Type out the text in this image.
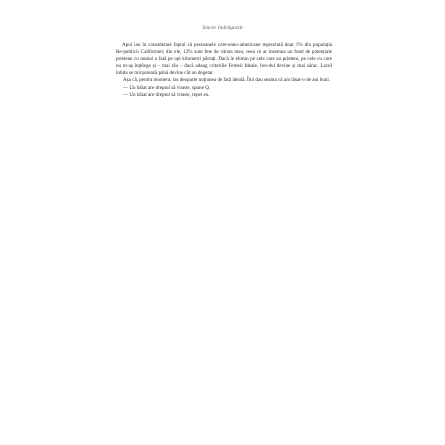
Sincer îndrăgostit

Apoi iau în considerare faptul că persoanele core-eano-americane reprezintă doar 1% din populația Re-publicii Californiei; din ele, 12% sunt fete de vârsta mea, ceea ce ar însemna un fond de potențiale prietene cu numai o fată pe opt kilometri pătrați. Dacă le elimin pe cele care au prieteni, pe cele cu care nu m-aș înțelege și – mai rău – dacă adaug criteriile Femeii Ideale, fon-dul devine și mai sărac. Lacul lubita se micșorează până devine cât un degetar.

Așa că, pentru moment, las deoparte noțiunea de fată ideală. Îmi dau seama că am lăsat-o de ani buni.

— Un băiat are dreptul să viseze, spune Q.

— Un băiat are dreptul să viseze, repet eu.
